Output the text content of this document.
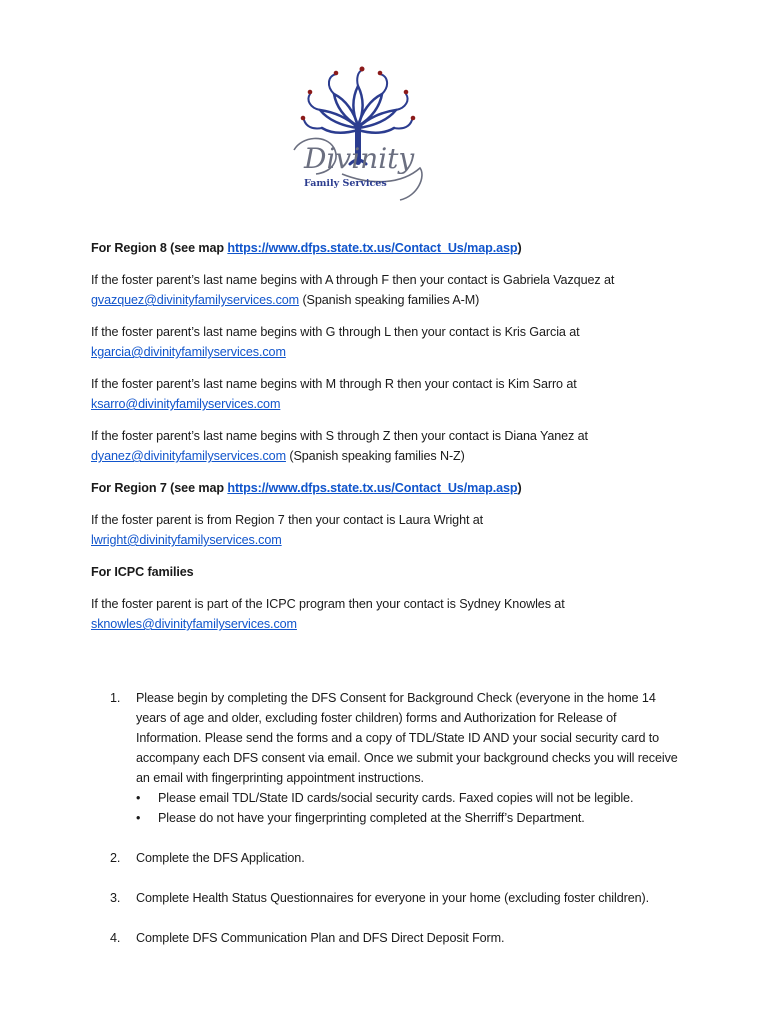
Divinity
Family Services

For Region 8 (see map https://www.dfps.state.tx.us/Contact_Us/map.asp)

If the foster parent’s last name begins with A through F then your contact is Gabriela Vazquez at
gvazquez@divinityfamilyservices.com (Spanish speaking families A-M)

If the foster parent’s last name begins with G through L then your contact is Kris Garcia at
kgarcia@divinityfamilyservices.com

If the foster parent’s last name begins with M through R then your contact is Kim Sarro at
ksarro@divinityfamilyservices.com

If the foster parent’s last name begins with S through Z then your contact is Diana Yanez at
dyanez@divinityfamilyservices.com (Spanish speaking families N-Z)

For Region 7 (see map https://www.dfps.state.tx.us/Contact_Us/map.asp)

If the foster parent is from Region 7 then your contact is Laura Wright at
lwright@divinityfamilyservices.com

For ICPC families

If the foster parent is part of the ICPC program then your contact is Sydney Knowles at
sknowles@divinityfamilyservices.com

1.	Please begin by completing the DFS Consent for Background Check (everyone in the home 14 years of age and older, excluding foster children) forms and Authorization for Release of Information. Please send the forms and a copy of TDL/State ID AND your social security card to accompany each DFS consent via email. Once we submit your background checks you will receive an email with fingerprinting appointment instructions.
•	Please email TDL/State ID cards/social security cards. Faxed copies will not be legible.
•	Please do not have your fingerprinting completed at the Sherriff’s Department.
2.	Complete the DFS Application.
3.	Complete Health Status Questionnaires for everyone in your home (excluding foster children).
4.	Complete DFS Communication Plan and DFS Direct Deposit Form.
